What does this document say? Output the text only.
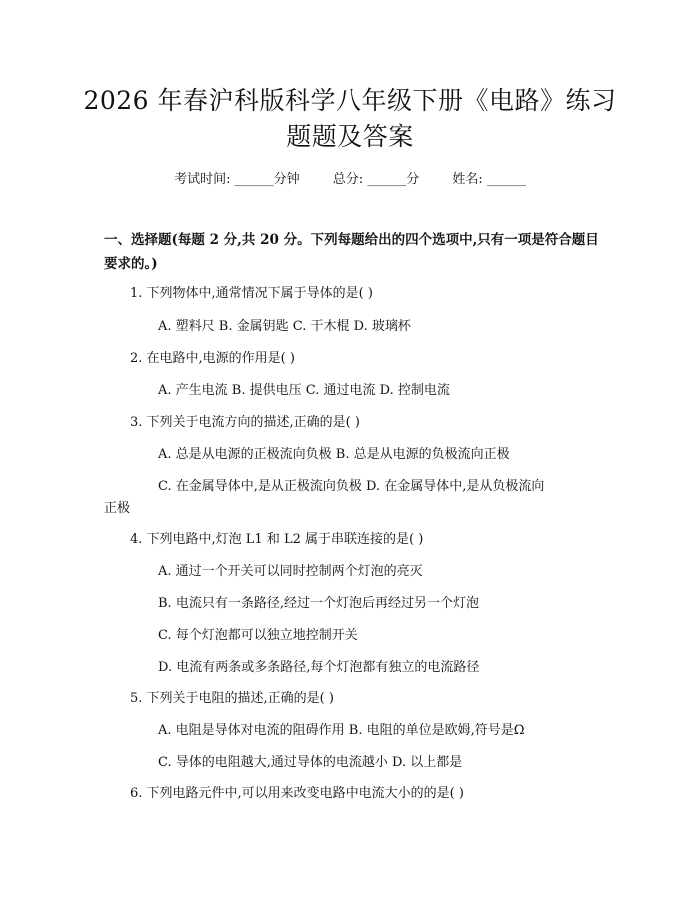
2026 年春沪科版科学八年级下册《电路》练习题题及答案
考试时间: ______分钟	总分: ______分	姓名: ______
一、选择题(每题 2 分,共 20 分。下列每题给出的四个选项中,只有一项是符合题目要求的。)
1. 下列物体中,通常情况下属于导体的是( )
A. 塑料尺 B. 金属钥匙 C. 干木棍 D. 玻璃杯
2. 在电路中,电源的作用是( )
A. 产生电流 B. 提供电压 C. 通过电流 D. 控制电流
3. 下列关于电流方向的描述,正确的是( )
A. 总是从电源的正极流向负极 B. 总是从电源的负极流向正极
C. 在金属导体中,是从正极流向负极 D. 在金属导体中,是从负极流向
正极
4. 下列电路中,灯泡 L1 和 L2 属于串联连接的是( )
A. 通过一个开关可以同时控制两个灯泡的亮灭
B. 电流只有一条路径,经过一个灯泡后再经过另一个灯泡
C. 每个灯泡都可以独立地控制开关
D. 电流有两条或多条路径,每个灯泡都有独立的电流路径
5. 下列关于电阻的描述,正确的是( )
A. 电阻是导体对电流的阻碍作用 B. 电阻的单位是欧姆,符号是Ω
C. 导体的电阻越大,通过导体的电流越小 D. 以上都是
6. 下列电路元件中,可以用来改变电路中电流大小的的是( )
